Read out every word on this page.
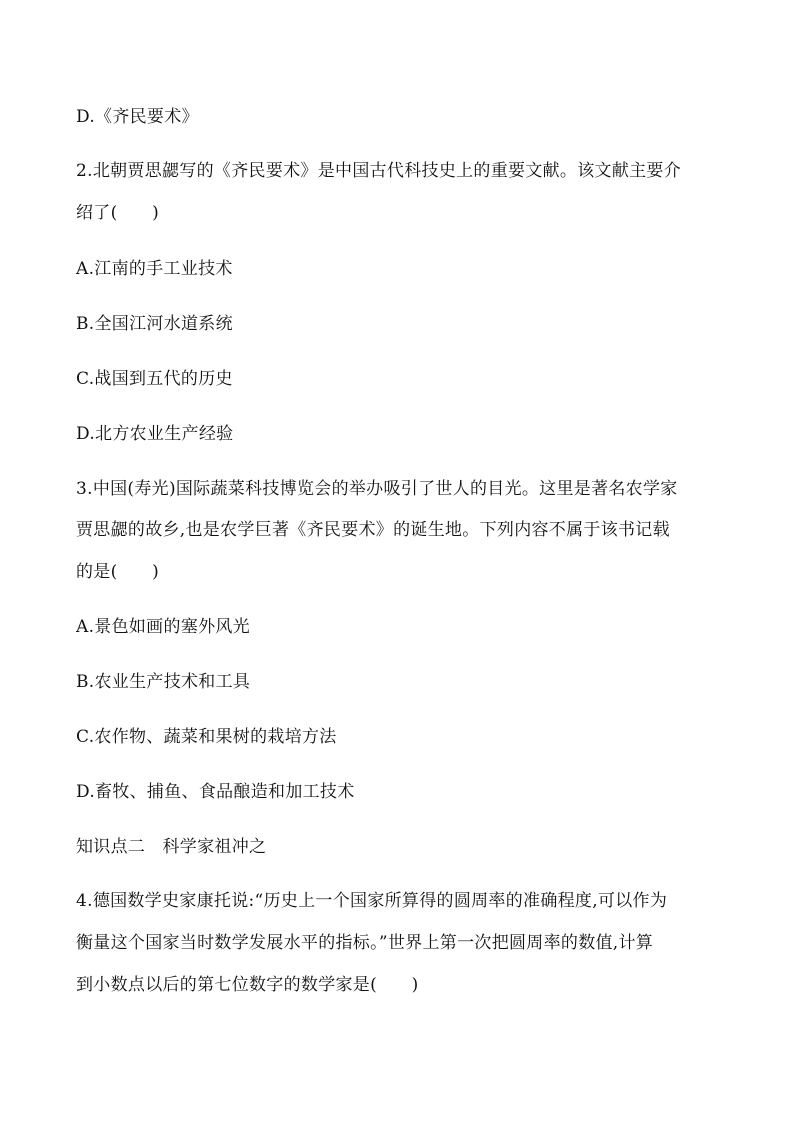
D.《齐民要术》
2.北朝贾思勰写的《齐民要术》是中国古代科技史上的重要文献。该文献主要介
绍了(　　)
A.江南的手工业技术
B.全国江河水道系统
C.战国到五代的历史
D.北方农业生产经验
3.中国(寿光)国际蔬菜科技博览会的举办吸引了世人的目光。这里是著名农学家
贾思勰的故乡,也是农学巨著《齐民要术》的诞生地。下列内容不属于该书记载
的是(　　)
A.景色如画的塞外风光
B.农业生产技术和工具
C.农作物、蔬菜和果树的栽培方法
D.畜牧、捕鱼、食品酿造和加工技术
知识点二　科学家祖冲之
4.德国数学史家康托说:“历史上一个国家所算得的圆周率的准确程度,可以作为
衡量这个国家当时数学发展水平的指标。”世界上第一次把圆周率的数值,计算
到小数点以后的第七位数字的数学家是(　　)
